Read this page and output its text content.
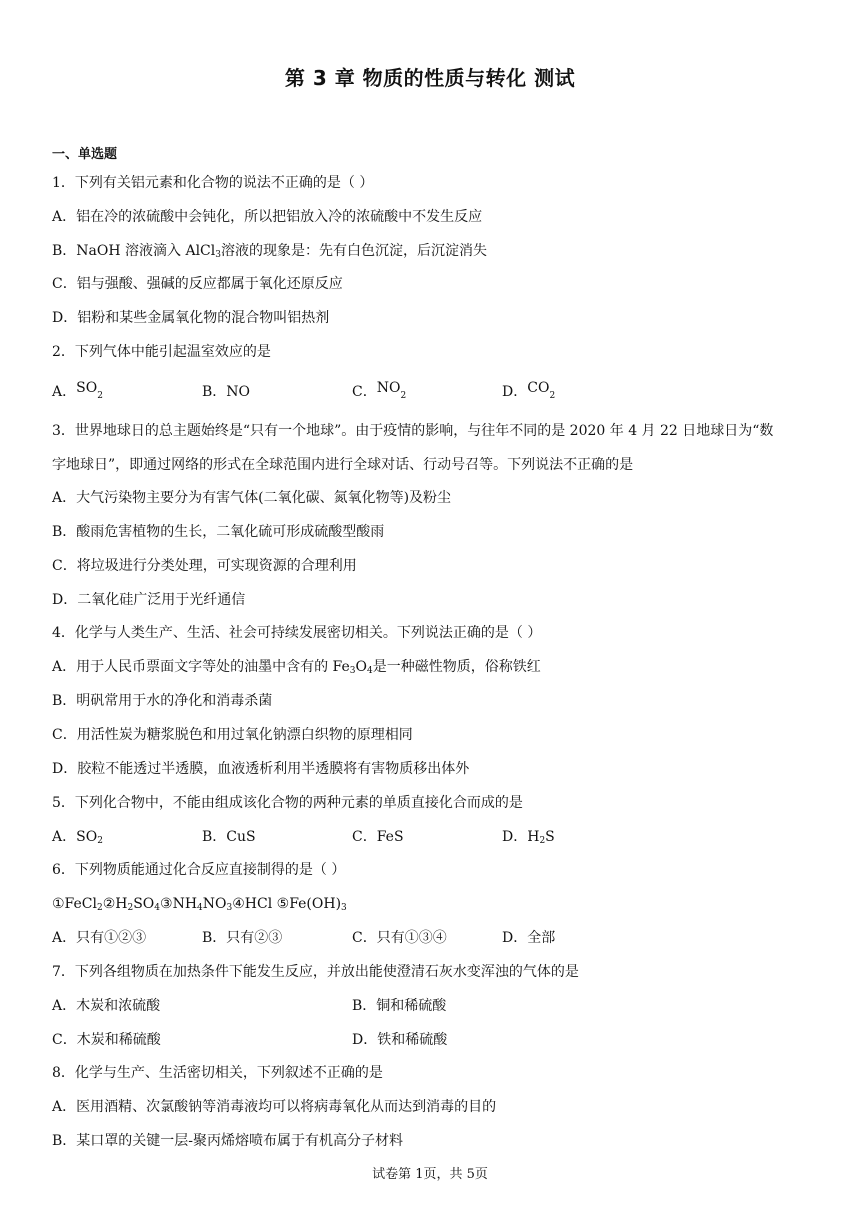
第 3 章 物质的性质与转化 测试
一、单选题
1．下列有关铝元素和化合物的说法不正确的是（ ）
A．铝在冷的浓硫酸中会钝化，所以把铝放入冷的浓硫酸中不发生反应
B．NaOH 溶液滴入 AlCl$_3$溶液的现象是：先有白色沉淀，后沉淀消失
C．铝与强酸、强碱的反应都属于氧化还原反应
D．铝粉和某些金属氧化物的混合物叫铝热剂
2．下列气体中能引起温室效应的是
A．$SO_2$	B．NO	C．$NO_2$	D．$CO_2$
3．世界地球日的总主题始终是“只有一个地球”。由于疫情的影响，与往年不同的是 2020 年 4 月 22 日地球日为“数
字地球日”，即通过网络的形式在全球范围内进行全球对话、行动号召等。下列说法不正确的是
A．大气污染物主要分为有害气体(二氧化碳、氮氧化物等)及粉尘
B．酸雨危害植物的生长，二氧化硫可形成硫酸型酸雨
C．将垃圾进行分类处理，可实现资源的合理利用
D．二氧化硅广泛用于光纤通信
4．化学与人类生产、生活、社会可持续发展密切相关。下列说法正确的是（ ）
A．用于人民币票面文字等处的油墨中含有的 $Fe_3O_4$是一种磁性物质，俗称铁红
B．明矾常用于水的净化和消毒杀菌
C．用活性炭为糖浆脱色和用过氧化钠漂白织物的原理相同
D．胶粒不能透过半透膜，血液透析利用半透膜将有害物质移出体外
5．下列化合物中，不能由组成该化合物的两种元素的单质直接化合而成的是
A．$SO_2$	B．CuS	C．FeS	D．$H_2S$
6．下列物质能通过化合反应直接制得的是（ ）
$①FeCl_2②H_2SO_4③NH_4NO_3④HCl$ $⑤Fe(OH)_3$
A．只有①②③	B．只有②③	C．只有①③④	D．全部
7．下列各组物质在加热条件下能发生反应，并放出能使澄清石灰水变浑浊的气体的是
A．木炭和浓硫酸	B．铜和稀硫酸
C．木炭和稀硫酸	D．铁和稀硫酸
8．化学与生产、生活密切相关，下列叙述不正确的是
A．医用酒精、次氯酸钠等消毒液均可以将病毒氧化从而达到消毒的目的
B．某口罩的关键一层-聚丙烯熔喷布属于有机高分子材料
试卷第 1页，共 5页
